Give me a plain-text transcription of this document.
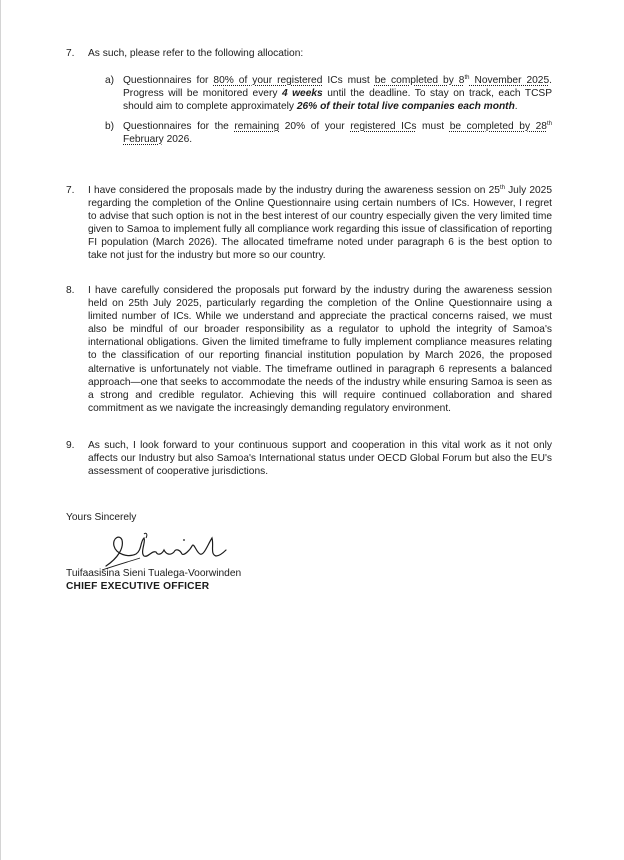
7. As such, please refer to the following allocation:
a) Questionnaires for 80% of your registered ICs must be completed by 8th November 2025. Progress will be monitored every 4 weeks until the deadline. To stay on track, each TCSP should aim to complete approximately 26% of their total live companies each month.
b) Questionnaires for the remaining 20% of your registered ICs must be completed by 28th February 2026.
7. I have considered the proposals made by the industry during the awareness session on 25th July 2025 regarding the completion of the Online Questionnaire using certain numbers of ICs. However, I regret to advise that such option is not in the best interest of our country especially given the very limited time given to Samoa to implement fully all compliance work regarding this issue of classification of reporting FI population (March 2026). The allocated timeframe noted under paragraph 6 is the best option to take not just for the industry but more so our country.
8. I have carefully considered the proposals put forward by the industry during the awareness session held on 25th July 2025, particularly regarding the completion of the Online Questionnaire using a limited number of ICs. While we understand and appreciate the practical concerns raised, we must also be mindful of our broader responsibility as a regulator to uphold the integrity of Samoa's international obligations. Given the limited timeframe to fully implement compliance measures relating to the classification of our reporting financial institution population by March 2026, the proposed alternative is unfortunately not viable. The timeframe outlined in paragraph 6 represents a balanced approach—one that seeks to accommodate the needs of the industry while ensuring Samoa is seen as a strong and credible regulator. Achieving this will require continued collaboration and shared commitment as we navigate the increasingly demanding regulatory environment.
9. As such, I look forward to your continuous support and cooperation in this vital work as it not only affects our Industry but also Samoa's International status under OECD Global Forum but also the EU's assessment of cooperative jurisdictions.
Yours Sincerely
Tuifaasisina Sieni Tualega-Voorwinden
CHIEF EXECUTIVE OFFICER
